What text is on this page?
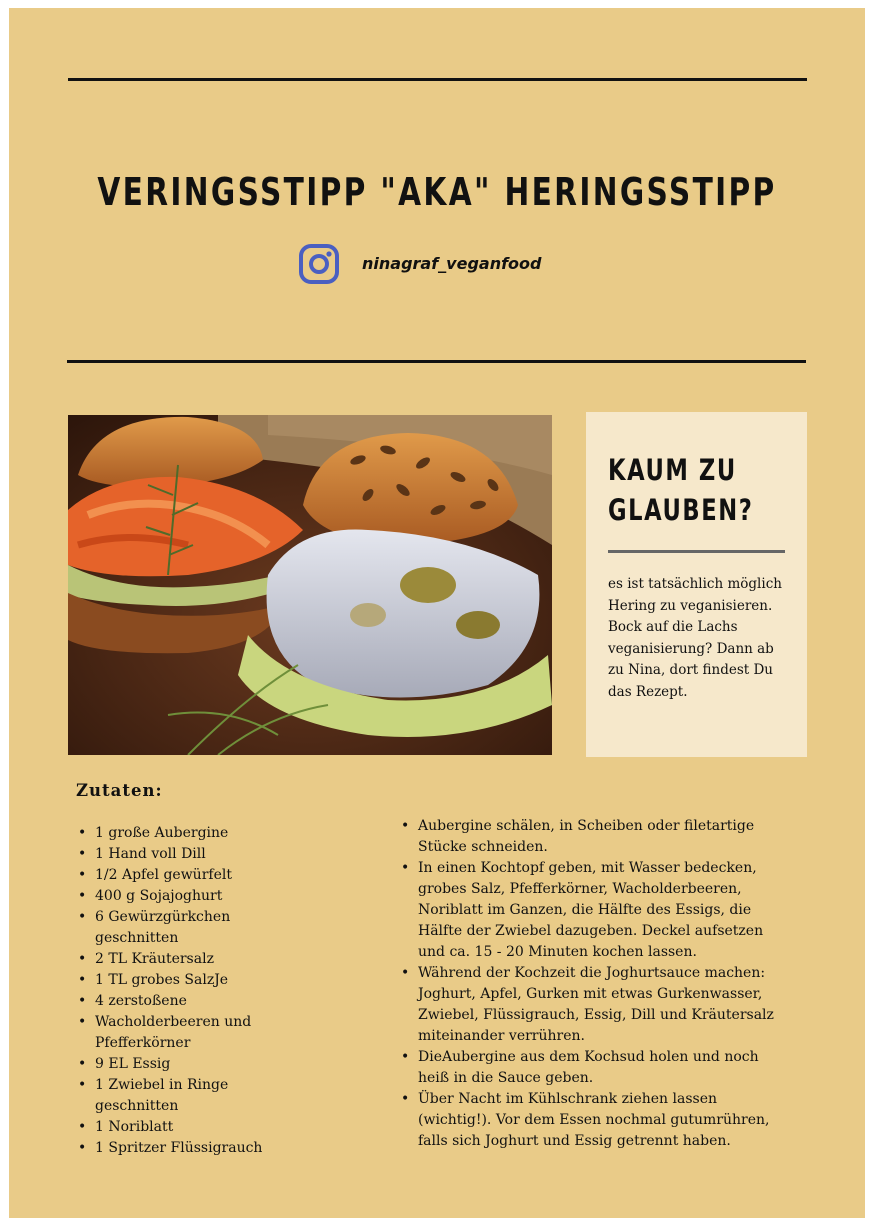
VERINGSSTIPP "AKA" HERINGSSTIPP
ninagraf_veganfood
KAUM ZU
GLAUBEN?
es ist tatsächlich möglich Hering zu veganisieren. Bock auf die Lachs veganisierung? Dann ab zu Nina, dort findest Du das Rezept.
Zutaten:
• 1 große Aubergine
• 1 Hand voll Dill
• 1/2 Apfel gewürfelt
• 400 g Sojajoghurt
• 6 Gewürzgürkchen geschnitten
• 2 TL Kräutersalz
• 1 TL grobes SalzJe
• 4 zerstoßene
• Wacholderbeeren und Pfefferkörner
• 9 EL Essig
• 1 Zwiebel in Ringe geschnitten
• 1 Noriblatt
• 1 Spritzer Flüssigrauch
• Aubergine schälen, in Scheiben oder filetartige Stücke schneiden.
• In einen Kochtopf geben, mit Wasser bedecken, grobes Salz, Pfefferkörner, Wacholderbeeren, Noriblatt im Ganzen, die Hälfte des Essigs, die Hälfte der Zwiebel dazugeben. Deckel aufsetzen und ca. 15 - 20 Minuten kochen lassen.
• Während der Kochzeit die Joghurtsauce machen: Joghurt, Apfel, Gurken mit etwas Gurkenwasser, Zwiebel, Flüssigrauch, Essig, Dill und Kräutersalz miteinander verrühren.
• DieAubergine aus dem Kochsud holen und noch heiß in die Sauce geben.
• Über Nacht im Kühlschrank ziehen lassen (wichtig!). Vor dem Essen nochmal gutumrühren, falls sich Joghurt und Essig getrennt haben.
